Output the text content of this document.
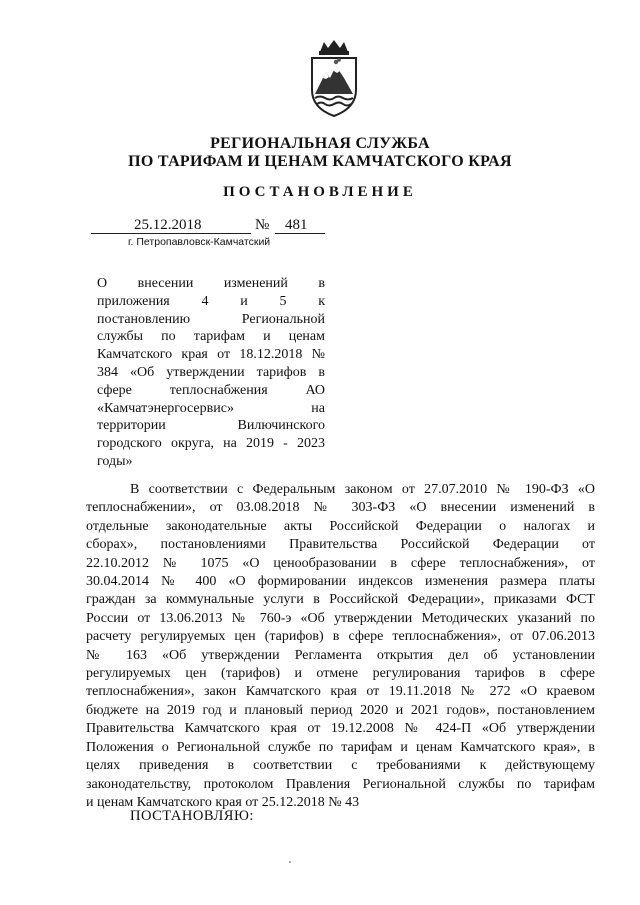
РЕГИОНАЛЬНАЯ СЛУЖБА
ПО ТАРИФАМ И ЦЕНАМ КАМЧАТСКОГО КРАЯ
ПОСТАНОВЛЕНИЕ
25.12.2018	№ 481
г. Петропавловск-Камчатский
О внесении изменений в
приложения 4 и 5 к
постановлению Региональной
службы по тарифам и ценам
Камчатского края от 18.12.2018 №
384 «Об утверждении тарифов в
сфере теплоснабжения АО
«Камчатэнергосервис» на
территории Вилючинского
городского округа, на 2019 - 2023
годы»
В соответствии с Федеральным законом от 27.07.2010 № 190-ФЗ «О
теплоснабжении», от 03.08.2018 № 303-ФЗ «О внесении изменений в
отдельные законодательные акты Российской Федерации о налогах и
сборах», постановлениями Правительства Российской Федерации от
22.10.2012 № 1075 «О ценообразовании в сфере теплоснабжения», от
30.04.2014 № 400 «О формировании индексов изменения размера платы
граждан за коммунальные услуги в Российской Федерации», приказами ФСТ
России от 13.06.2013 № 760-э «Об утверждении Методических указаний по
расчету регулируемых цен (тарифов) в сфере теплоснабжения», от 07.06.2013
№ 163 «Об утверждении Регламента открытия дел об установлении
регулируемых цен (тарифов) и отмене регулирования тарифов в сфере
теплоснабжения», закон Камчатского края от 19.11.2018 № 272 «О краевом
бюджете на 2019 год и плановый период 2020 и 2021 годов», постановлением
Правительства Камчатского края от 19.12.2008 № 424-П «Об утверждении
Положения о Региональной службе по тарифам и ценам Камчатского края», в
целях приведения в соответствии с требованиями к действующему
законодательству, протоколом Правления Региональной службы по тарифам
и ценам Камчатского края от 25.12.2018 № 43
ПОСТАНОВЛЯЮ:
